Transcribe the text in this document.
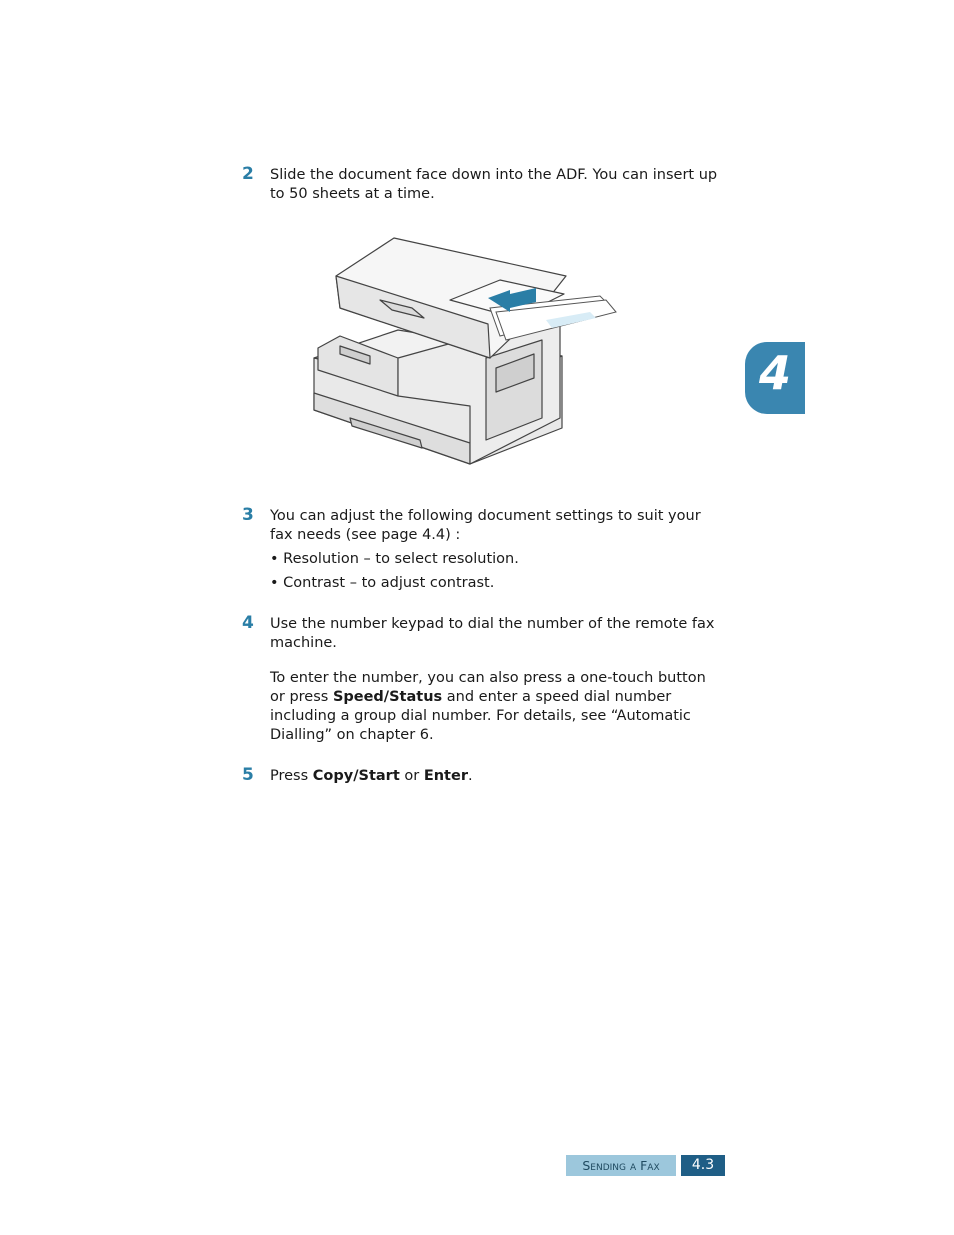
2 Slide the document face down into the ADF. You can insert up to 50 sheets at a time.

3 You can adjust the following document settings to suit your fax needs (see page 4.4) :

• Resolution – to select resolution.

• Contrast – to adjust contrast.

4 Use the number keypad to dial the number of the remote fax machine.

To enter the number, you can also press a one-touch button or press Speed/Status and enter a speed dial number including a group dial number. For details, see “Automatic Dialling” on chapter 6.

5 Press Copy/Start or Enter.

4
Sending a Fax	4.3
